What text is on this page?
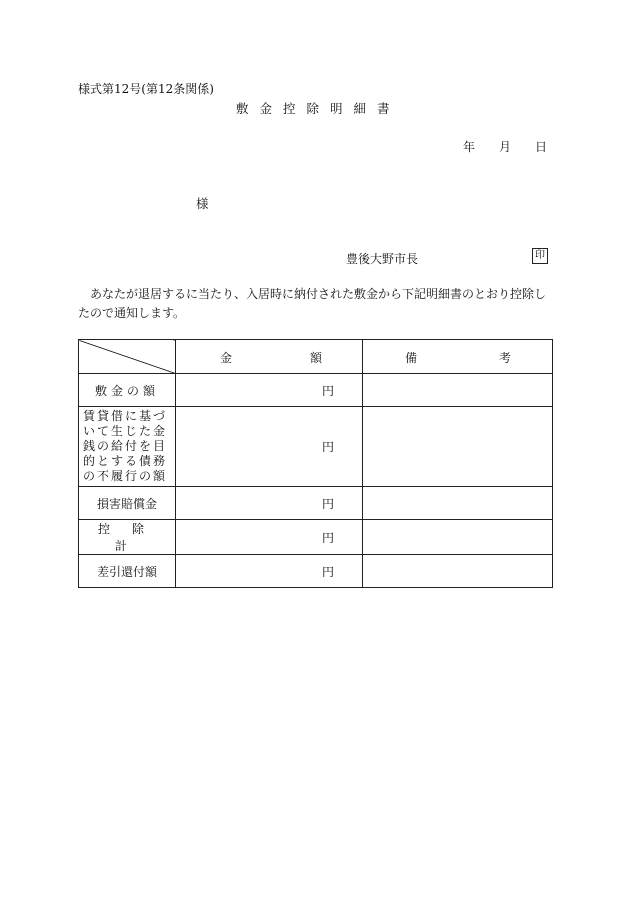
様式第12号(第12条関係)
敷金控除明細書
年	月	日
様
豊後大野市長	印
あなたが退居するに当たり、入居時に納付された敷金から下記明細書のとおり控除したので通知します。

	金 額	備 考

敷金の額	円	
賃貸借に基づいて生じた金銭の給付を目的とする債務の不履行の額	円	
損害賠償金	円	
控除計	円	
差引還付額	円	
